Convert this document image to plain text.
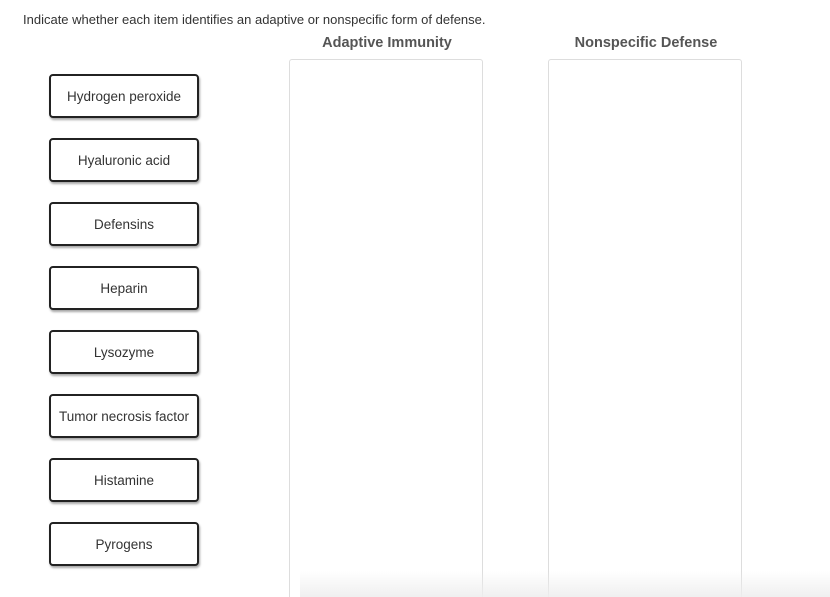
Indicate whether each item identifies an adaptive or nonspecific form of defense.
Adaptive Immunity	Nonspecific Defense
Hydrogen peroxide
Hyaluronic acid
Defensins
Heparin
Lysozyme
Tumor necrosis factor
Histamine
Pyrogens
